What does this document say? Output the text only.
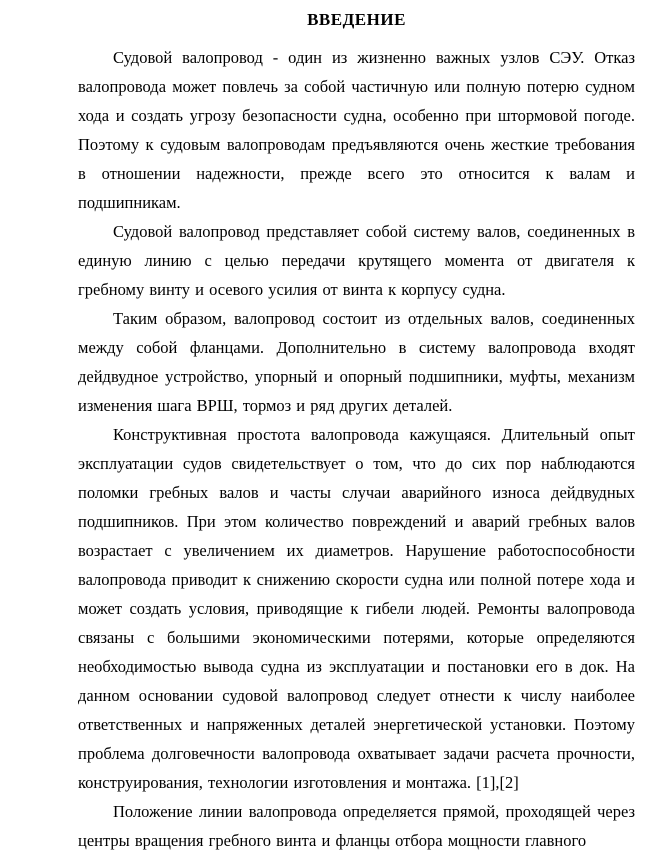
ВВЕДЕНИЕ

Судовой валопровод - один из жизненно важных узлов СЭУ. Отказ валопровода может повлечь за собой частичную или полную потерю судном хода и создать угрозу безопасности судна, особенно при штормовой погоде. Поэтому к судовым валопроводам предъявляются очень жесткие требования в отношении надежности, прежде всего это относится к валам и подшипникам.

Судовой валопровод представляет собой систему валов, соединенных в единую линию с целью передачи крутящего момента от двигателя к гребному винту и осевого усилия от винта к корпусу судна.

Таким образом, валопровод состоит из отдельных валов, соединенных между собой фланцами. Дополнительно в систему валопровода входят дейдвудное устройство, упорный и опорный подшипники, муфты, механизм изменения шага ВРШ, тормоз и ряд других деталей.

Конструктивная простота валопровода кажущаяся. Длительный опыт эксплуатации судов свидетельствует о том, что до сих пор наблюдаются поломки гребных валов и часты случаи аварийного износа дейдвудных подшипников. При этом количество повреждений и аварий гребных валов возрастает с увеличением их диаметров. Нарушение работоспособности валопровода приводит к снижению скорости судна или полной потере хода и может создать условия, приводящие к гибели людей. Ремонты валопровода связаны с большими экономическими потерями, которые определяются необходимостью вывода судна из эксплуатации и постановки его в док. На данном основании судовой валопровод следует отнести к числу наиболее ответственных и напряженных деталей энергетической установки. Поэтому проблема долговечности валопровода охватывает задачи расчета прочности, конструирования, технологии изготовления и монтажа. [1],[2]

Положение линии валопровода определяется прямой, проходящей через центры вращения гребного винта и фланцы отбора мощности главного
